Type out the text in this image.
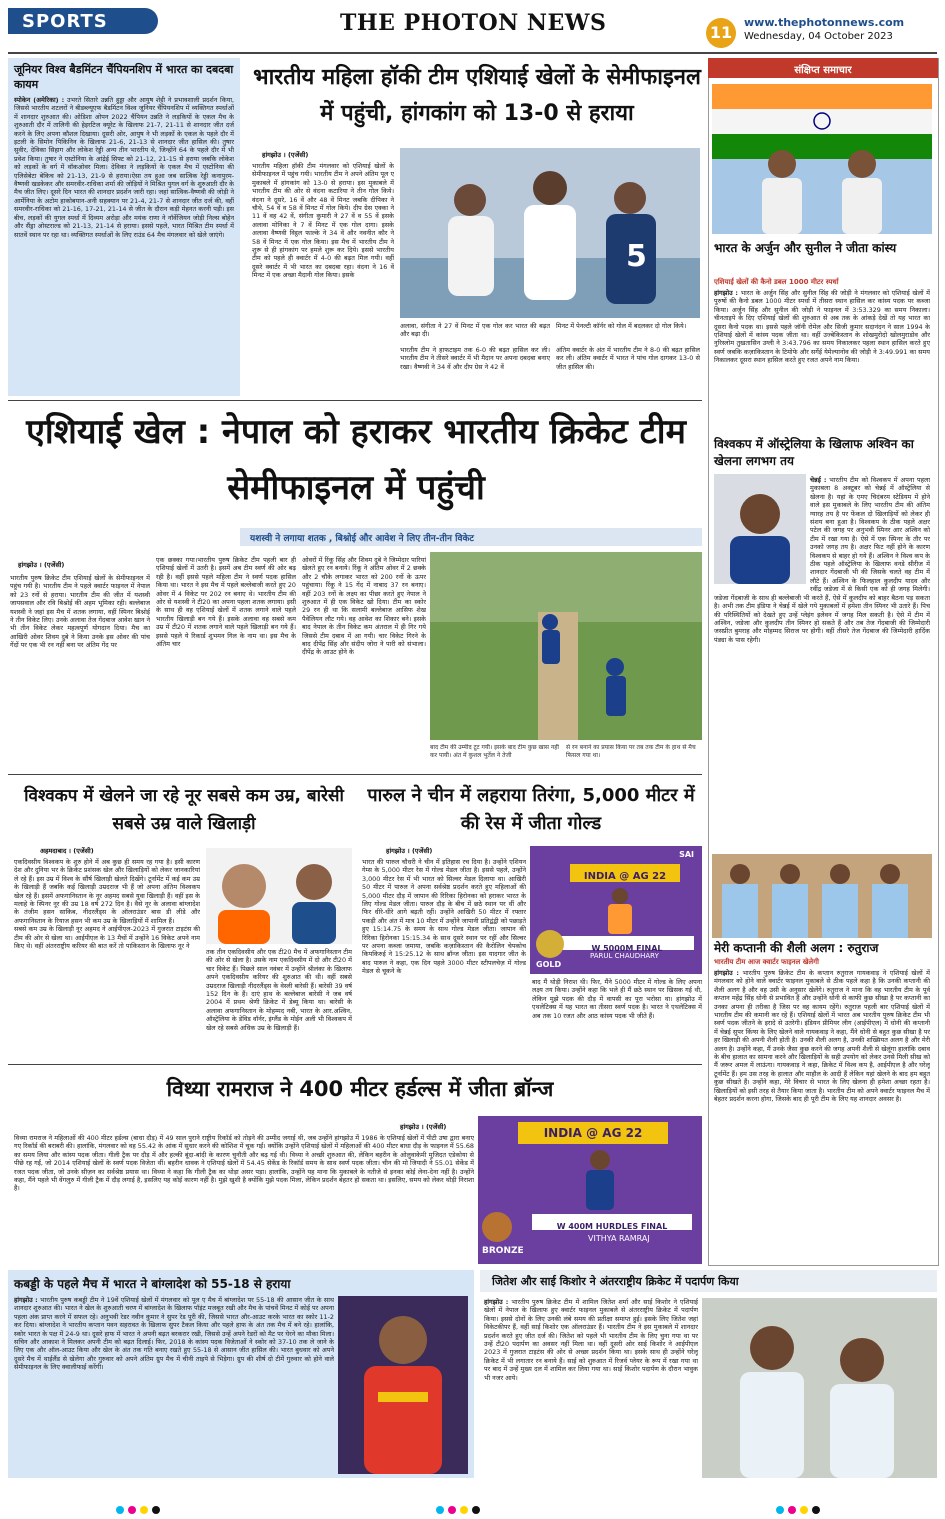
SPORTS	THE PHOTON NEWS	11
www.thephotonnews.com
Wednesday, 04 October 2023
जूनियर विश्व बैडमिंटन चैंपियनशिप में भारत का दबदबा कायम
स्पोकेन (अमेरिका) : उभरते सितारे उन्नति हुड्डा और आयुष शेट्टी ने प्रभावशाली प्रदर्शन किया, जिससे भारतीय शटलरों ने बीडब्ल्यूएफ बैडमिंटन विश्व जूनियर चैंपियनशिप में व्यक्तिगत स्पर्धाओं में शानदार शुरुआत की। ओडिशा ओपन 2022 चैंपियन उन्नति ने लड़कियों के एकल मैच के शुरुआती दौर में तालिनी की हेइरटिज क्यूरेट के खिलाफ 21-7, 21-11 से शानदार जीत दर्ज करने के लिए अपना कौशल दिखाया। दूसरी ओर, आयुष ने भी लड़कों के एकल के पहले दौर में इटली के सिमोन पिकिनिन के खिलाफ 21-6, 21-13 से शानदार जीत हासिल की। तुषार सुवीर, देविका सिहाग और लोकेश रेड्डी अन्य तीन भारतीय थे, जिन्होंने 64 के पहले दौर में भी प्रवेश किया। तुषार ने एस्टोनिया के आंद्रेई सिफ्ट को 21-12, 21-15 से हराया जबकि लोकेश को लड़कों के वर्ग में वॉकओवर मिला। देविका ने लड़कियों के एकल मैच में एस्टोनिया की एलिसेबेटा बेकिच को 21-13, 21-9 से हराया।ऐसा तय हुआ जब सात्विक रेड्डी कनापुरम-वैष्णवी खडकेकर और समरवीर-राधिका शर्मा की जोड़ियों ने मिश्रित युगल वर्ग के शुरुआती दौर के मैच जीत लिए। दूसरे दिन भारत की शानदार प्रदर्शन जारी रहा। जहां सात्विक-वैष्णवी की जोड़ी ने आर्मेनिया के अटोम हाकोबयान-अनी सहक्यान पर 21-4, 21-7 से शानदार जीत दर्ज की, वहीं समरवीर-राधिका को 21-16, 17-21, 21-14 से जीत के दौरान कड़ी मेहनत करनी पड़ी। इस बीच, लड़कों की युगल स्पर्धा में दिव्यम अरोड़ा और मयंक राणा ने नॉर्वेजियन जोड़ी निल्स बोहेन और सैंड्रा ओस्टराल्ड को 21-13, 21-14 से हराया। इससे पहले, भारत मिश्रित टीम स्पर्धा में सातवें स्थान पर रहा था। व्यक्तिगत स्पर्धाओं के लिए राउंड 64 मैच मंगलवार को खेले जाएंगे।
भारतीय महिला हॉकी टीम एशियाई खेलों के सेमीफाइनल में पहुंची, हांगकांग को 13-0 से हराया
हांगझोउ । (एजेंसी)
भारतीय महिला हॉकी टीम मंगलवार को एशियाई खेलों के सेमीफाइनल में पहुंच गयी। भारतीय टीम ने अपने अंतिम पूल ए मुकाबले में हांगकांग को 13-0 से हराया। इस मुकाबले में भारतीय टीम की ओर से वंदना कटारिया ने तीन गोल किये। वंदना ने दूसरे, 16 वें और 48 वें मिनट जबकि दीपिका ने चौथे, 54 वें व 58 वें मिनट में गोल किये। दीप ग्रेस एक्का ने 11 वें वह 42 वें, संगीता कुमारी ने 27 वें व 55 वें इसके अलावा मोनिका ने 7 वें मिनट में एक गोल दागा। इसके अलावा वैष्णवी विट्ठल फाल्के ने 34 वें और नवनीत कौर ने 58 वें मिनट में एक गोल किया। इस मैच में भारतीय टीम ने शुरू से ही हांगकांग पर हमले शुरू कर दिये। इससे भारतीय टीम को पहले ही क्वार्टर में 4-0 की बढ़त मिल गयी। वहीं दूसरे क्वार्टर में भी भारत का दबदबा रहा। वंदना ने 16 वें मिनट में एक अच्छा मैदानी गोल किया। इसके
5
अलावा, संगीता ने 27 वें मिनट में एक गोल कर भारत की बढ़त और बढ़ा दी।
भारतीय टीम ने हाफटाइम तक 6-0 की बढ़त हासिल कर ली। भारतीय टीम ने तीसरे क्वार्टर में भी मैदान पर अपना दबदबा बनाए रखा। वैष्णवी ने 34 वें और दीप ग्रेस ने 42 वें
मिनट में पेनल्टी कॉर्नर को गोल में बदलकर दो गोल किये।
अंतिम क्वार्टर के अंत में भारतीय टीम ने 8-0 की बढ़त हासिल कर ली। अंतिम क्वार्टर में भारत ने पांच गोल दागकर 13-0 से जीत हासिल की।
संक्षिप्त समाचार
भारत के अर्जुन और सुनील ने जीता कांस्य
एशियाई खेलों की कैनो डबल 1000 मीटर स्पर्धा
हांगझोउ : भारत के अर्जुन सिंह और सुनील सिंह की जोड़ी ने मंगलवार को एशियाई खेलों में पुरुषों की कैनो डबल 1000 मीटर स्पर्धा में तीसरा स्थान हासिल कर कांस्य पदक पर कब्जा किया। अर्जुन सिंह और सुनील की जोड़ी ने फाइनल में 3:53.329 का समय निकाला। चीनताइपे के दिए एशियाई खेलों की शुरुआत से अब तक के आंकड़े देखें तो यह भारत का दूसरा कैनो पदक था। इससे पहले जॉनी रोमेल और सिजी कुमार सदानंदन ने साल 1994 के एशियाई खेलों में कांस्य पदक जीता था। वहीं उज्बेकिस्तान के शोखमुरोदो खोलमुराडोव और नुरिस्लोम तुखतासिन उग्ली ने 3:43.796 का समय निकालकर पहला स्थान हासिल करते हुए स्वर्ण जबकि कज़ाकिस्तान के टिमोफे और सर्गेई येमेल्यानोव की जोड़ी ने 3:49.991 का समय निकालकर दूसरा स्थान हासिल करते हुए रजत अपने नाम किया।
विश्वकप में ऑस्ट्रेलिया के खिलाफ अश्विन का खेलना लगभग तय
चेन्नई : भारतीय टीम को विश्वकप में अपना पहला मुकाबला 8 अक्टूबर को चेन्नई में ऑस्ट्रेलिया से खेलना है। यहां के एमए चिदंबरम स्टेडियम में होने वाले इस मुकाबले के लिए भारतीय टीम की अंतिम ग्यारह तय है पर फेंकल दो खिलाड़ियों को लेकर ही संशय बना हुआ है। विश्वकप के ठीक पहले अक्षर पटेल की जगह पर अनुभवी स्पिनर आर अश्विन को टीम में रखा गया है। ऐसे में एक स्पिनर के तौर पर उनको जगह तय है। अक्षर फिट नहीं होने के कारण विश्वकप से बाहर हो गये हैं। अश्विन ने विश्व कप के ठीक पहले ऑस्ट्रेलिया के खिलाफ वनडे सीरीज में शानदार गेंदबाजी भी की जिसके चलते वह टीम में लौटे हैं। अश्विन के फिलहाल कुलदीप यादव और रवींद्र जडेजा में से किसी एक को ही जगह मिलेगी। जडेजा गेंदबाजी के साथ ही बल्लेबाजी भी करते हैं, ऐसे में कुलदीप को बाहर बैठना पड़ सकता है। अभी तक टीम इंडिया ने चेन्नई में खेले गये मुकाबलों में हमेशा तीन स्पिनर भी उतारे हैं। पिच की परिस्थितियों को देखते हुए उन्हें प्लेइंग इलेवन में जगह मिल सकती है। ऐसे में टीम में अश्विन, जडेजा और कुलदीप तीन स्पिनर हो सकते हैं और तब तेज गेंदबाजी की जिम्मेदारी जसप्रीत बुमराह और मोहम्मद सिराज पर होगी। वहीं तीसरे तेज गेंदबाज की जिम्मेदारी हार्दिक पंड्या के पास रहेगी।
मेरी कप्तानी की शैली अलग : रुतुराज
भारतीय टीम आज क्वार्टर फाइनल खेलेगी
हांगझोउ : भारतीय पुरुष क्रिकेट टीम के कप्तान रुतुराज गायकवाड़ ने एशियाई खेलों में मंगलवार को होने वाले क्वार्टर फाइनल मुकाबले से ठीक पहले कहा है कि उनकी कप्तानी की शैली अलग है और वह उसी के अनुसार खेलेंगे। रुतुराज ने माना कि वह भारतीय टीम के पूर्व कप्तान महेंद्र सिंह धोनी से प्रभावित हैं और उन्होंने धोनी से काफी कुछ सीखा है पर कप्तानी का उनका अपना ही तरीका है जिस पर वह कायम रहेंगे। रुतुराज पहली बार एशियाई खेलों में भारतीय टीम की कमानी कर रहे हैं। एशियाई खेलों में भारत अब भारतीय पुरुष क्रिकेट टीम भी स्वर्ण पदक जीतने के इरादे से उतरेगी। इंडियन प्रीमियर लीग (आईपीएल) में धोनी की कप्तानी में चेन्नई सुपर किंग्स के लिए खेलने वाले गायकवाड़ ने कहा, मैंने धोनी से बहुत कुछ सीखा है पर हर खिलाड़ी की अपनी शैली होती है। उनकी शैली अलग है, उनकी शख्सियत अलग है और मेरी अलग है। उन्होंने कहा, मैं उनके जैसा कुछ करने की जगह अपनी शैली से खेलूंगा हालांकि दबाव के बीच हालात का सामना करने और खिलाड़ियों के सही उपयोग को लेकर उनसे मिली सीख को मैं जरूर अमल में लाऊंगा। गायकवाड़ ने कहा, क्रिकेट में विश्व कप है, आईपीएल है और घरेलू टूर्नामेंट हैं। हम उस तरह के हालात और माहौल के आदी हैं लेकिन यहां खेलने के बाद हम बहुत कुछ सीखते हैं। उन्होंने कहा, मेरे विचार से भारत के लिए खेलना ही हमेशा अच्छा रहता है। खिलाड़ियों को इसी तरह से तैयार किया जाता है। भारतीय टीम को अपने क्वार्टर फाइनल मैच में बेहतर प्रदर्शन करना होगा, जिसके बाद ही पूरी टीम के लिए यह शानदार अवसर है।
एशियाई खेल : नेपाल को हराकर भारतीय क्रिकेट टीम सेमीफाइनल में पहुंची
यशस्वी ने लगाया शतक , बिश्नोई और आवेश ने लिए तीन-तीन विकेट
हांगझोउ । (एजेंसी)
भारतीय पुरुष क्रिकेट टीम एशियाई खेलों के सेमीफाइनल में पहुंच गयी है। भारतीय टीम ने पहले क्वार्टर फाइनल में नेपाल को 23 रनों से हराया। भारतीय टीम की जीत में यशस्वी जायसवाल और रवि बिश्नोई की अहम भूमिका रही। बल्लेबाज यशस्वी ने जहां इस मैच में शतक लगाया, वहीं स्पिनर बिश्नोई ने तीन विकेट लिए। उनके अलावा तेज गेंदबाज आवेश खान ने भी तीन विकेट लेकर महत्वपूर्ण योगदान दिया। मैच का आखिरी ओवर शिवम दुबे ने किया उनके इस ओवर की पांच गेंदों पर एक भी रन नहीं बना पर अंतिम गेंद पर
एक छक्का गया।भारतीय पुरुष क्रिकेट टीम पहली बार ही एशियाई खेलों में उतरी है। इसमें अब टीम स्वर्ण की ओर बढ़ रही है। वहीं इससे पहले महिला टीम ने स्वर्ण पदक हासिल किया था। भारत ने इस मैच में पहले बल्लेबाजी करते हुए 20 ओवर में 4 विकेट पर 202 रन बनाए थे। भारतीय टीम की ओर से यशस्वी ने टी20 का अपना पहला शतक लगाया। इसी के साथ ही वह एशियाई खेलों में शतक लगाने वाले पहले भारतीय खिलाड़ी बन गये हैं। इसके अलावा वह सबसे कम उम्र में टी20 में शतक लगाने वाले पहले खिलाड़ी बन गये हैं। इससे पहले ये रिकार्ड शुभमन गिल के नाम था। इस मैच के अंतिम चार
ओवरों में रिंकू सिंह और शिवम दुबे ने जिम्मेदार पारियां खेलते हुए रन बनाये। रिंकू ने अंतिम ओवर में 2 छक्के और 2 चौके लगाकर भारत को 200 रनों के ऊपर पहुंचाया। रिंकू ने 15 गेंद में नाबाद 37 रन बनाए। वहीं 203 रनों के लक्ष्य का पीछा करते हुए नेपाल ने शुरुआत में ही एक विकेट खो दिया। टीम का स्कोर 29 रन ही था कि सलामी बल्लेबाज आसिफ शेख पैवेलियन लौट गये। वह आवेश का शिकार बने। इसके बाद नेपाल के तीन विकेट कम अंतराल में ही गिर गये जिससे टीम दबाव में आ गयी। चार विकेट गिरने के बाद दीपेंद्र सिंह और संदीप जोरा ने पारी को संभाला। दीपेंद्र के आउट होने के
बाद टीम की उम्मीद टूट गयी। इसके बाद टीम कुछ खास नहीं कर पायी। अंत में कुशल भुर्तेल ने तेजी
से रन बनाने का प्रयास किया पर तब तक टीम के हाथ से मैच फिसल गया था।
विश्वकप में खेलने जा रहे नूर सबसे कम उम्र, बारेसी सबसे उम्र वाले खिलाड़ी
अहमदाबाद । (एजेंसी)
एकदिवसीय विश्वकप के शुरु होने में अब कुछ ही समय रह गया है। इसी कारण देश और दुनिया भर के क्रिकेट प्रशंसक खेल और खिलाड़ियों को लेकर जानकारियां ले रहे हैं। इस उम्र में विश्व के सौंर्ष खिलाड़ी खेलते दिखेंगे। टूर्नामेंट में कई कम उम्र के खिलाड़ी हैं जबकि कई खिलाड़ी उम्रदराज भी हैं जो अपना अंतिम विश्वकप खेल रहे हैं। इसमें अफगानिस्तान के नूर अहमद सबसे युवा खिलाड़ी हैं। वहीं इस के मलाहे के स्पिनर नूर की उम्र 18 वर्ष 272 दिन है। वैसे नूर के अलावा बांग्लादेश के तंजीम हसन साकिब, नीदरलैंड्स के ऑलराउंडर बास डी लीडे और अफगानिस्तान के रियाज हसन भी कम उम्र के खिलाड़ियों में शामिल हैं।
सबसे कम उम्र के खिलाड़ी नूर अहमद ने आईपीएल-2023 में गुजरात टाइटंस की टीम की ओर से खेला था। आईपीएल के 13 मैचों में उन्होंने 16 विकेट अपने नाम किए थे। वहीं अंतरराष्ट्रीय करियर की बात करें तो पाकिस्तान के खिलाफ नूर ने
तक तीन एकदिवसीय और एक टी20 मैच में अफगानिस्तान टीम की ओर से खेला है। उसके नाम एकदिवसीय में दो और टी20 में चार विकेट हैं। पिछले साल नवंबर में उन्होंने श्रीलंका के खिलाफ अपने एकदिवसीय करियर की शुरुआत की थी। वहीं सबसे उम्रदराज खिलाड़ी नीदरलैंड्स के वेस्ली बारेसी हैं। बारेसी 39 वर्ष 152 दिन के हैं। दाएं हाथ के बल्लेबाज बारेसी ने जब वर्ष 2004 में प्रथम श्रेणी क्रिकेट में डेब्यू किया था। बारेसी के अलावा अफगानिस्तान के मोहम्मद नबी, भारत के आर.अश्विन, ऑस्ट्रेलिया के डेविड वॉर्नर, इंग्लैंड के मोईन अली भी विश्वकप में खेल रहे सबसे अधिक उम्र के खिलाड़ी हैं।
पारुल ने चीन में लहराया तिरंगा, 5,000 मीटर में की रेस में जीता गोल्ड
हांगझोउ । (एजेंसी)
भारत की पारुल चौधरी ने चीन में इतिहास रच दिया है। उन्होंने एशियन गेम्स के 5,000 मीटर रेस में गोल्ड मेडल जीता है। इससे पहले, उन्होंने 3,000 मीटर रेस में भी भारत को सिल्वर मेडल दिलाया था। आखिरी 50 मीटर में पारुल ने अपना सर्वश्रेष्ठ प्रदर्शन करते हुए महिलाओं की 5,000 मीटर दौड़ में जापान की रिरिका हिरोनका को हराकर भारत के लिए गोल्ड मेडल जीता। पारुल दौड़ के बीच में छठे स्थान पर थीं और फिर धीरे-धीरे आगे बढ़ती रहीं। उन्होंने आखिरी 50 मीटर में रफ्तार पकड़ी और अंत में मात्र 10 मीटर में उन्होंने जापानी प्रतिद्वंद्वी को पछाड़ते हुए 15:14.75 के समय के साथ गोल्ड मेडल जीता। जापान की रिरिका हिरोनका 15:15.34 के साथ दूसरे स्थान पर रहीं और सिल्वर पर अपना कब्जा जमाया, जबकि कज़ाकिस्तान की कैरोलिन चेपकोच किपकिरुई ने 15:25.12 के साथ ब्रॉन्ज जीता। इस यादगार जीत के बाद पारुल ने कहा, एक दिन पहले 3000 मीटर स्टीपलचेज़ में गोल्ड मेडल से चूकने के
SAI
INDIA @ AG 22
W 5000M FINAL
PARUL CHAUDHARY
GOLD
बाद मैं थोड़ी निराश थी। फिर, मैंने 5000 मीटर में गोल्ड के लिए अपना लक्ष्य तय किया। उन्होंने कहा कि भले ही मैं छठे स्थान पर खिसक गई थी, लेकिन मुझे पदक की दौड़ में वापसी का पूरा भरोसा था। हांगझोउ में एथलेटिक्स में यह भारत का तीसरा स्वर्ण पदक है। भारत ने एथलेटिक्स में अब तक 10 रजत और आठ कांस्य पदक भी जीते हैं।
विथ्या रामराज ने 400 मीटर हर्डल्स में जीता ब्रॉन्ज
हांगझोउ । (एजेंसी)
विथ्या रामराज ने महिलाओं की 400 मीटर हर्डल्स (बाधा दौड़) में 49 साल पुराने राष्ट्रीय रिकॉर्ड को तोड़ने की उम्मीद जगाई थी, जब उन्होंने हांगझोउ में 1986 के एशियाई खेलों में पीटी उषा द्वारा बनाए गए रिकॉर्ड की बराबरी की। हालांकि, मंगलवार को वह 55.42 के आंक में सुधार करने की कोशिश में चूक गईं। क्योंकि उन्होंने एशियाई खेलों में महिलाओं की 400 मीटर बाधा दौड़ के फाइनल में 55.68 का समय लिया और कांस्य पदक जीता। गीली ट्रैक पर दौड़ में और हल्की बूंदा-बांदी के कारण चुनौती और बढ़ गई थी। विथ्या ने अच्छी शुरुआत की, लेकिन बहरीन के ओलुवाकेमी मुजिदत एडेकोया से पीछे रह गईं, जो 2014 एशियाई खेलों के स्वर्ण पदक विजेता थीं। बहरीन धावक ने एशियाई खेलों में 54.45 सेकेंड के रिकॉर्ड समय के साथ स्वर्ण पदक जीता। चीन की मो जियादी ने 55.01 सेकेंड में रजत पदक जीता, जो उनके सीज़न का सर्वश्रेष्ठ प्रयास था। विथ्या ने कहा कि गीली ट्रैक का थोड़ा असर पड़ा। हालांकि, उन्होंने यह माना कि मुकाबले के नतीजे से इनका कोई लेना-देना नहीं है। उन्होंने कहा, मैंने पहले भी वेंगलुरु में गीली ट्रैक में दौड़ लगाई है, इसलिए यह कोई कारण नहीं है। मुझे खुशी है क्योंकि मुझे पदक मिला, लेकिन प्रदर्शन बेहतर हो सकता था। इसलिए, समय को लेकर थोड़ी निराशा है।
INDIA @ AG 22
W 400M HURDLES FINAL
VITHYA RAMRAJ
BRONZE
कबड्डी के पहले मैच में भारत ने बांग्लादेश को 55-18 से हराया
हांगझोउ : भारतीय पुरुष कबड्डी टीम ने 19वें एशियाई खेलों में मंगलवार को पूल ए मैच में बांग्लादेश पर 55-18 की आसान जीत के साथ शानदार शुरुआत की। भारत ने खेल के शुरुआती चरण में बांग्लादेश के खिलाफ पॉइंट मजबूत रखी और मैच के पांचवें मिनट में कोई पर अपना पहला अंक प्राप्त करने में सफल रहे। अनुभवी रेडर नवीन कुमार ने सुपर रेड पूरी की, जिससे भारत और-आउट करके भारत का स्कोर 11-2 कर दिया। बांग्लादेश ने भारतीय कप्तान पवन सहरावत के खिलाफ सुपर टैकल किया और पहले हाफ के अंत तक मैच में बने रहे। हालांकि, स्कोर भारत के पक्ष में 24-9 था। दूसरे हाफ में भारत ने अपनी बढ़त बरकरार रखी, जिससे उन्हें अपने रेडरों को मैट पर घेरने का मौका मिला। सचिन और आकाश ने मिलकर अपनी टीम को बढ़त दिलाई। फिर, 2018 के कांस्य पदक विजेताओं ने स्कोर को 37-10 तक ले जाने के लिए एक और ऑल-आउट किया और खेल के अंत तक गति बनाए रखते हुए 55-18 से आसान जीत हासिल की। भारत बुधवार को अपने दूसरे मैच में थाईलैंड से खेलेगा और गुरुवार को अपने अंतिम ग्रुप मैच में चीनी ताइपे से भिड़ेगा। ग्रुप की शीर्ष दो टीमें गुरुवार को होने वाले सेमीफाइनल के लिए क्वालीफाई करेंगी।
जितेश और साई किशोर ने अंतरराष्ट्रीय क्रिकेट में पदार्पण किया
हांगझोउ : भारतीय पुरुष क्रिकेट टीम में शामिल जितेश शर्मा और साई किशोर ने एशियाई खेलों में नेपाल के खिलाफ हुए क्वार्टर फाइनल मुकाबले से अंतरराष्ट्रीय क्रिकेट में पदार्पण किया। इससे दोनों के लिए उनकी लंबे समय की प्रतीक्षा समाप्त हुई। इसके लिए जितेश जहां विकेटकीपर हैं, वहीं साई किशोर एक ऑलराउंडर हैं। भारतीय टीम ने इस मुकाबले में शानदार प्रदर्शन करते हुए जीत दर्ज की। जितेश को पहले भी भारतीय टीम के लिए चुना गया था पर उन्हें टी20 पदार्पण का अवसर नहीं मिला था। वहीं दूसरी ओर साई किशोर ने आईपीएल 2023 में गुजरात टाइटंस की ओर से अच्छा प्रदर्शन किया था। इसके साथ ही उन्होंने घरेलू क्रिकेट में भी लगातार रन बनाये हैं। साई को शुरुआत में रिजर्व प्लेयर के रूप में रखा गया था पर बाद में उन्हें मुख्य दल में शामिल कर लिया गया था। साई किशोर पदार्पण के दौरान भावुक भी नजर आये।
